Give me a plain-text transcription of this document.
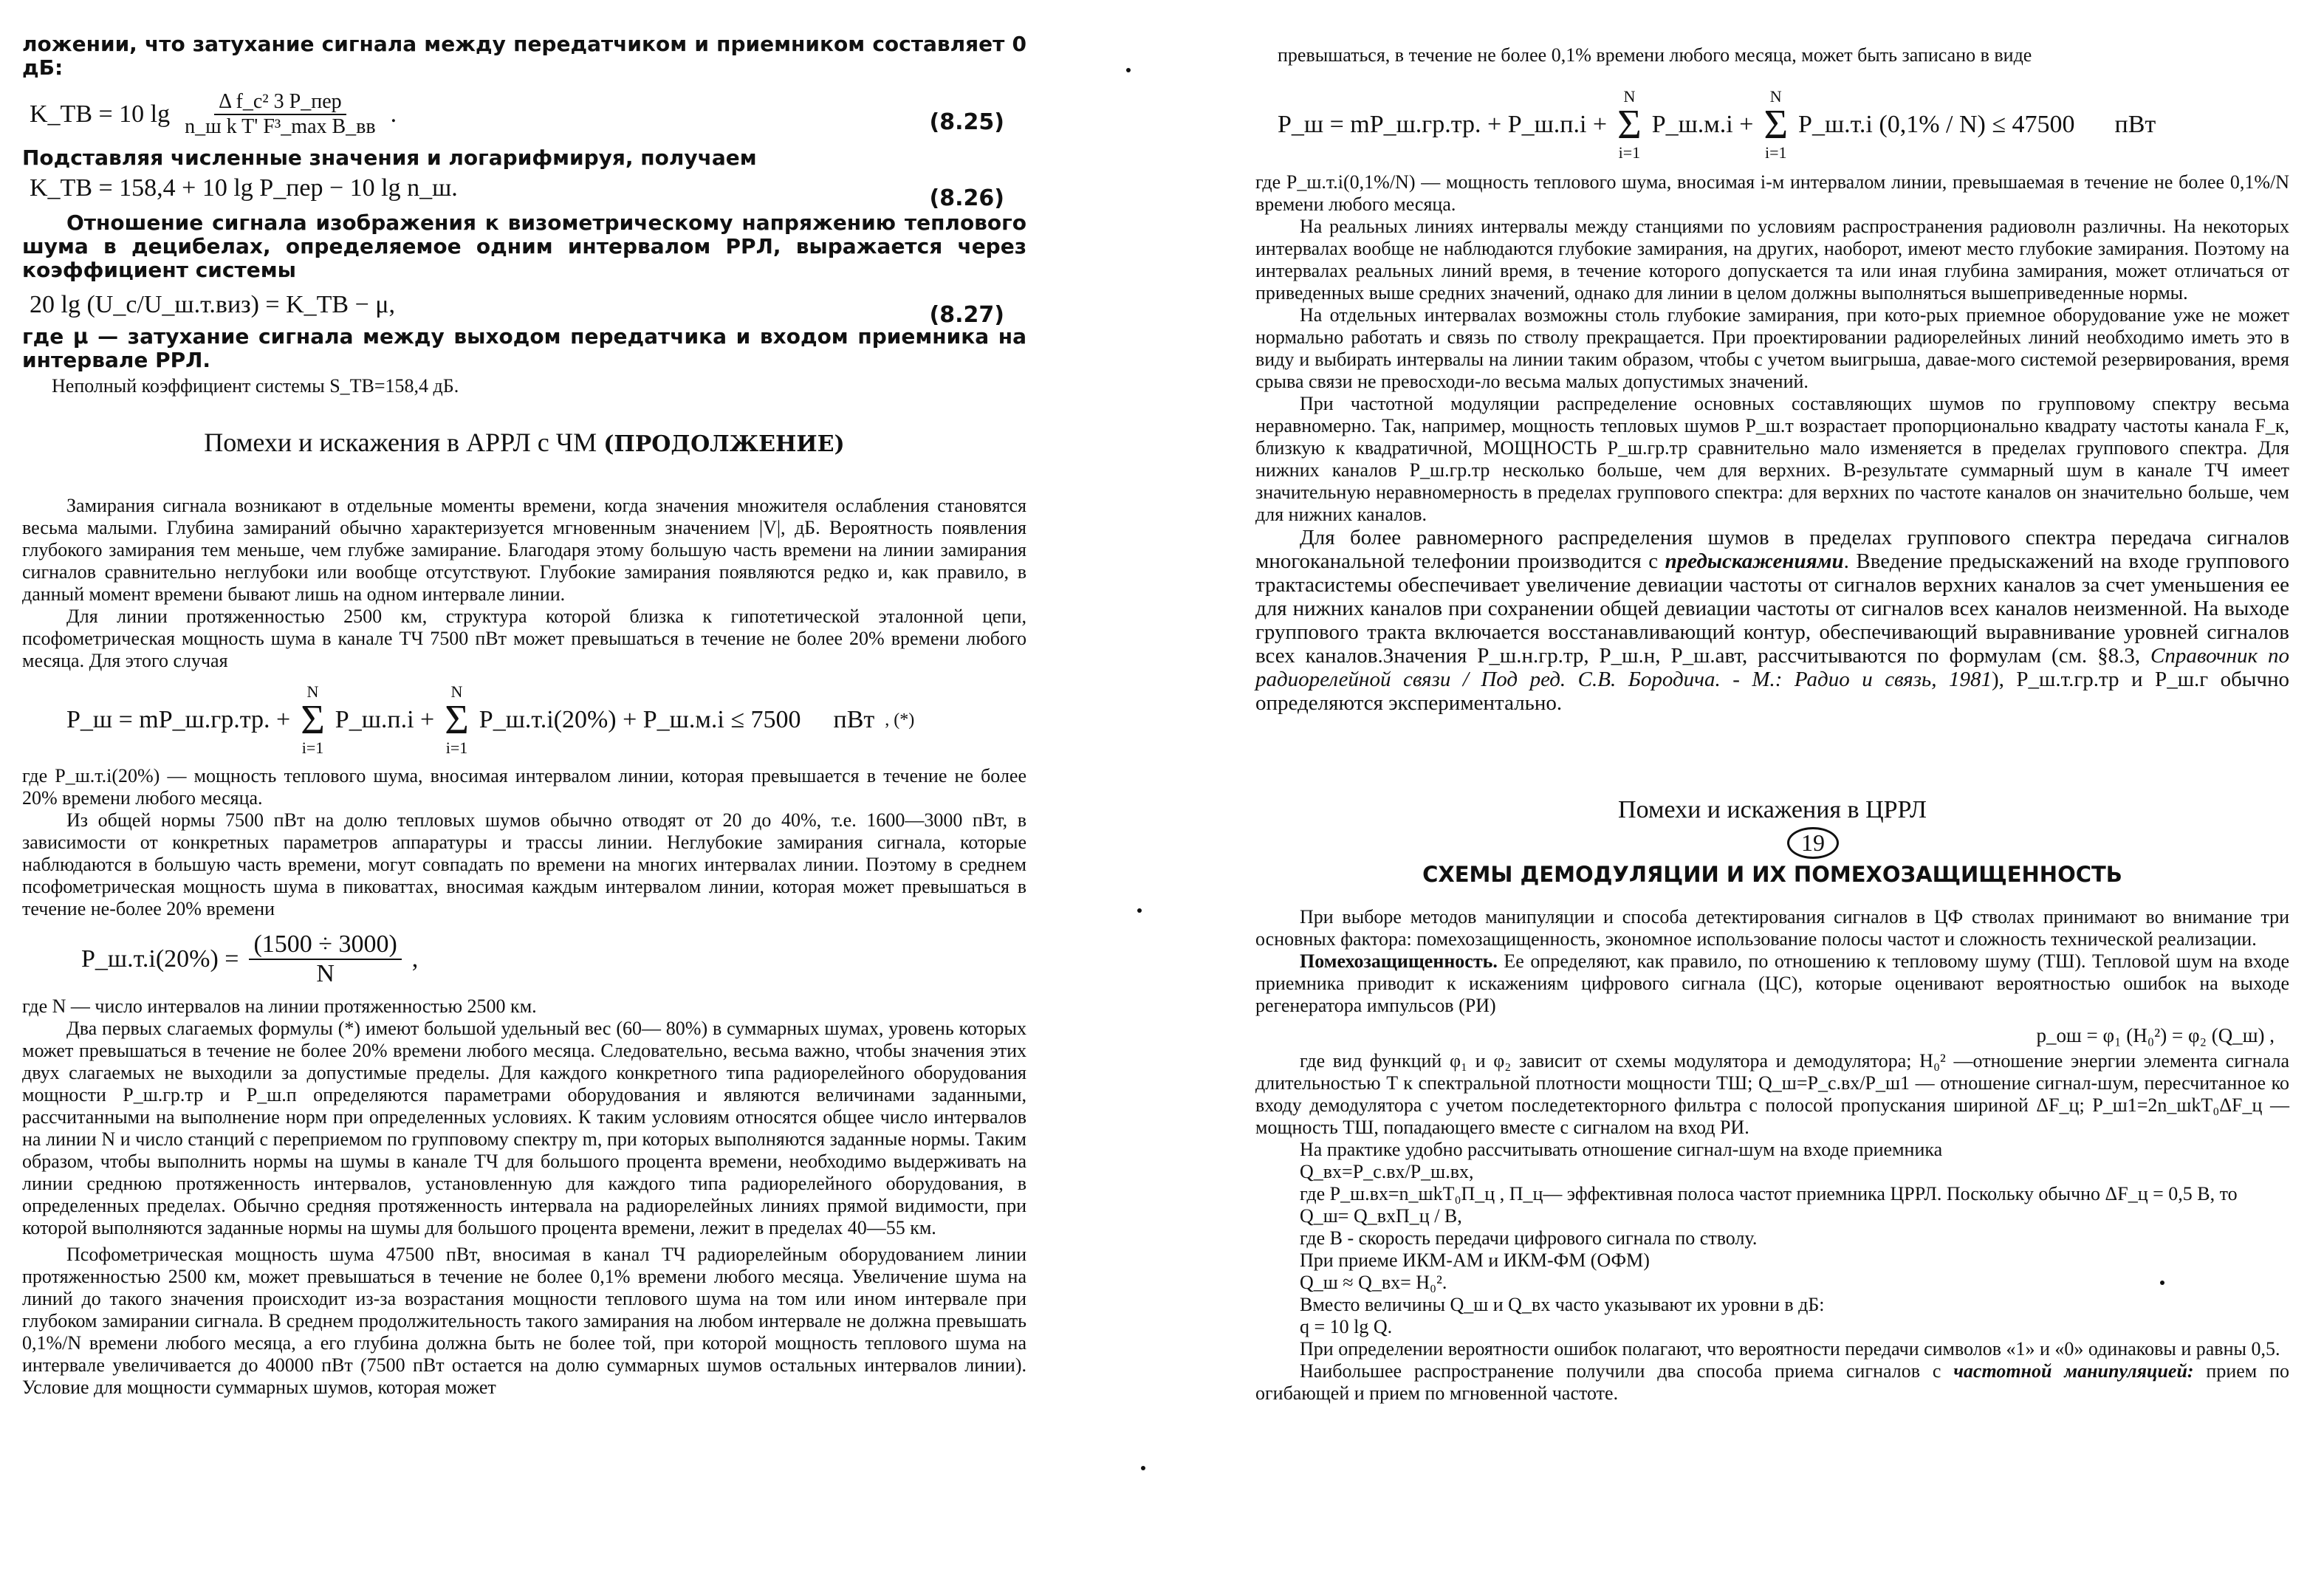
ложении, что затухание сигнала между передатчиком и приемником составляет 0 дБ:

K_ТВ = 10 $\lg \frac{\text{Δ f\_c² 3 P\_пер}}{\text{n\_ш k T' F³\_max B\_вв}}$ .	(8.25)

Подставляя численные значения и логарифмируя, получаем

K_ТВ = 158,4 + 10 lg P_пер − 10 lg n_ш.	(8.26)

Отношение сигнала изображения к визометрическому напряжению теплового шума в децибелах, определяемое одним интервалом РРЛ, выражается через коэффициент системы

20 lg (U_c/U_ш.т.виз) = K_ТВ − μ,	(8.27)

где μ — затухание сигнала между выходом передатчика и входом приемника на интервале РРЛ.

Неполный коэффициент системы S_ТВ=158,4 дБ.

Помехи и искажения в АРРЛ с ЧМ (ПРОДОЛЖЕНИЕ)

Замирания сигнала возникают в отдельные моменты времени, когда значения множителя ослабления становятся весьма малыми. Глубина замираний обычно характеризуется мгновенным значением |V|, дБ. Вероятность появления глубокого замирания тем меньше, чем глубже замирание. Благодаря этому большую часть времени на линии замирания сигналов сравнительно неглубоки или вообще отсутствуют. Глубокие замирания появляются редко и, как правило, в данный момент времени бывают лишь на одном интервале линии.

Для линии протяженностью 2500 км, структура которой близка к гипотетической эталонной цепи, псофометрическая мощность шума в канале ТЧ 7500 пВт может превышаться в течение не более 20% времени любого месяца. Для этого случая

P_ш = mP_ш.гр.тр. +
N
Σ
i=1
P_ш.п.i +
N
Σ
i=1
P_ш.т.i(20%) + P_ш.м.i ≤ 7500 пВт , (*)

где P_ш.т.i(20%) — мощность теплового шума, вносимая интервалом линии, которая превышается в течение не более 20% времени любого месяца.

Из общей нормы 7500 пВт на долю тепловых шумов обычно отводят от 20 до 40%, т.е. 1600—3000 пВт, в зависимости от конкретных параметров аппаратуры и трассы линии. Неглубокие замирания сигнала, которые наблюдаются в большую часть времени, могут совпадать по времени на многих интервалах линии. Поэтому в среднем псофометрическая мощность шума в пиковаттах, вносимая каждым интервалом линии, которая может превышаться в течение не-более 20% времени

P_ш.т.i(20%) = $\frac{(1500 \div 3000)}{N}$ ,

где N — число интервалов на линии протяженностью 2500 км.

Два первых слагаемых формулы (*) имеют большой удельный вес (60— 80%) в суммарных шумах, уровень которых может превышаться в течение не более 20% времени любого месяца. Следовательно, весьма важно, чтобы значения этих двух слагаемых не выходили за допустимые пределы. Для каждого конкретного типа радиорелейного оборудования мощности P_ш.гр.тр и P_ш.п определяются параметрами оборудования и являются величинами заданными, рассчитанными на выполнение норм при определенных условиях. К таким условиям относятся общее число интервалов на линии N и число станций с переприемом по групповому спектру m, при которых выполняются заданные нормы. Таким образом, чтобы выполнить нормы на шумы в канале ТЧ для большого процента времени, необходимо выдерживать на линии среднюю протяженность интервалов, установленную для каждого типа радиорелейного оборудования, в определенных пределах. Обычно средняя протяженность интервала на радиорелейных линиях прямой видимости, при которой выполняются заданные нормы на шумы для большого процента времени, лежит в пределах 40—55 км.

Псофометрическая мощность шума 47500 пВт, вносимая в канал ТЧ радиорелейным оборудованием линии протяженностью 2500 км, может превышаться в течение не более 0,1% времени любого месяца. Увеличение шума на линий до такого значения происходит из-за возрастания мощности теплового шума на том или ином интервале при глубоком замирании сигнала. В среднем продолжительность такого замирания на любом интервале не должна превышать 0,1%/N времени любого месяца, а его глубина должна быть не более той, при которой мощность теплового шума на интервале увеличивается до 40000 пВт (7500 пВт остается на долю суммарных шумов остальных интервалов линии). Условие для мощности суммарных шумов, которая может

превышаться, в течение не более 0,1% времени любого месяца, может быть записано в виде

P_ш = mP_ш.гр.тр. + P_ш.п.i +
N
Σ
i=1
P_ш.м.i +
N
Σ
i=1
P_ш.т.i (0,1% / N) ≤ 47500 пВт

где P_ш.т.i(0,1%/N) — мощность теплового шума, вносимая i-м интервалом линии, превышаемая в течение не более 0,1%/N времени любого месяца.

На реальных линиях интервалы между станциями по условиям распространения радиоволн различны. На некоторых интервалах вообще не наблюдаются глубокие замирания, на других, наоборот, имеют место глубокие замирания. Поэтому на интервалах реальных линий время, в течение которого допускается та или иная глубина замирания, может отличаться от приведенных выше средних значений, однако для линии в целом должны выполняться вышеприведенные нормы.

На отдельных интервалах возможны столь глубокие замирания, при кото-рых приемное оборудование уже не может нормально работать и связь по стволу прекращается. При проектировании радиорелейных линий необходимо иметь это в виду и выбирать интервалы на линии таким образом, чтобы с учетом выигрыша, давае-мого системой резервирования, время срыва связи не превосходи-ло весьма малых допустимых значений.

При частотной модуляции распределение основных составляющих шумов по групповому спектру весьма неравномерно. Так, например, мощность тепловых шумов P_ш.т возрастает пропорционально квадрату частоты канала F_к, близкую к квадратичной, МОЩНОСТЬ P_ш.гр.тр сравнительно мало изменяется в пределах группового спектра. Для нижних каналов P_ш.гр.тр несколько больше, чем для верхних. В-результате суммарный шум в канале ТЧ имеет значительную неравномерность в пределах группового спектра: для верхних по частоте каналов он значительно больше, чем для нижних каналов.

Для более равномерного распределения шумов в пределах группового спектра передача сигналов многоканальной телефонии производится с предыскажениями. Введение предыскажений на входе группового трактасистемы обеспечивает увеличение девиации частоты от сигналов верхних каналов за счет уменьшения ее для нижних каналов при сохранении общей девиации частоты от сигналов всех каналов неизменной. На выходе группового тракта включается восстанавливающий контур, обеспечивающий выравнивание уровней сигналов всех каналов.Значения P_ш.н.гр.тр, P_ш.н, P_ш.авт, рассчитываются по формулам (см. §8.3, Справочник по радиорелейной связи / Под ред. С.В. Бородича. - М.: Радио и связь, 1981), P_ш.т.гр.тр и P_ш.г обычно определяются экспериментально.

Помехи и искажения в ЦРРЛ
19
СХЕМЫ ДЕМОДУЛЯЦИИ И ИХ ПОМЕХОЗАЩИЩЕННОСТЬ

При выборе методов манипуляции и способа детектирования сигналов в ЦФ стволах принимают во внимание три основных фактора: помехозащищенность, экономное использование полосы частот и сложность технической реализации.

Помехозащищенность. Ее определяют, как правило, по отношению к тепловому шуму (ТШ). Тепловой шум на входе приемника приводит к искажениям цифрового сигнала (ЦС), которые оценивают вероятностью ошибок на выходе регенератора импульсов (РИ)

p_ош = φ₁ (H₀²) = φ₂ (Q_ш) ,

где вид функций φ₁ и φ₂ зависит от схемы модулятора и демодулятора; H₀² —отношение энергии элемента сигнала длительностью T к спектральной плотности мощности ТШ; Q_ш=P_с.вх/P_ш1 — отношение сигнал-шум, пересчитанное ко входу демодулятора с учетом последетекторного фильтра с полосой пропускания шириной ΔF_ц; P_ш1=2n_шkT₀ΔF_ц — мощность ТШ, попадающего вместе с сигналом на вход РИ.

На практике удобно рассчитывать отношение сигнал-шум на входе приемника

Q_вх=P_с.вх/P_ш.вх,

где P_ш.вх=n_шkT₀П_ц , П_ц— эффективная полоса частот приемника ЦРРЛ. Поскольку обычно ΔF_ц = 0,5 B, то

Q_ш= Q_вхП_ц / B,

где B - скорость передачи цифрового сигнала по стволу.

При приеме ИКМ-АМ и ИКМ-ФМ (ОФМ)

Q_ш ≈ Q_вх= H₀².

Вместо величины Q_ш и Q_вх часто указывают их уровни в дБ:

q = 10 lg Q.

При определении вероятности ошибок полагают, что вероятности передачи символов «1» и «0» одинаковы и равны 0,5.

Наибольшее распространение получили два способа приема сигналов с частотной манипуляцией: прием по огибающей и прием по мгновенной частоте.
